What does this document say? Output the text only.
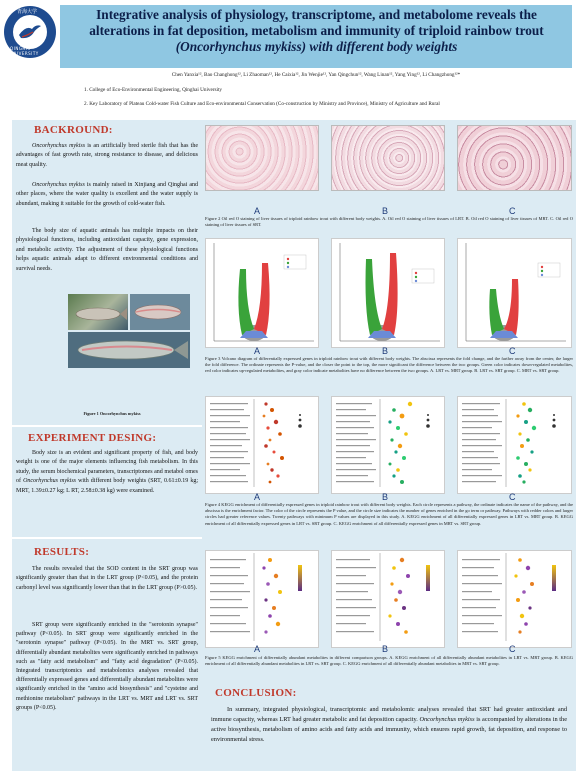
青海大学
QINGHAI UNIVERSITY
Integrative analysis of physiology, transcriptome, and metabolome reveals the
alterations in fat deposition, metabolism and immunity of triploid rainbow trout
(Oncorhynchus mykiss) with different body weights
Chen Yanxia¹², Bao Changhong¹², Li Zhaoman¹², He Caixia¹², Jin Wenjie¹², Yan Qingchun¹², Wang Linan¹², Yang Ying¹², Li Changzhong¹²*
1. College of Eco-Environmental Engineering, Qinghai University
2. Key Laboratory of Plateau Cold-water Fish Culture and Eco-environmental Conservation (Co-construction by Ministry and Province), Ministry of Agriculture and Rural
BACKROUND:
Oncorhynchus mykiss is an artificially bred sterile fish that has the advantages of fast growth rate, strong resistance to disease, and delicious meat quality.
Oncorhynchus mykiss is mainly raised in Xinjiang and Qinghai and other places, where the water quality is excellent and the water supply is abundant, making it suitable for the growth of cold-water fish.
The body size of aquatic animals has multiple impacts on their physiological functions, including antioxidant capacity, gene expression, and metabolic activity. The adjustment of these physiological functions helps aquatic animals adapt to different environmental conditions and survival needs.
Figure 1 Oncorhynchus mykiss
EXPERIMENT DESING:
Body size is an evident and significant property of fish, and body weight is one of the major elements influencing fish metabolism. In this study, the serum biochemical parameters, transcriptomes and metabol omes of Oncorhynchus mykiss with different body weights (SRT, 0.61±0.19 kg; MRT, 1.39±0.27 kg; L RT, 2.58±0.38 kg) were examined.
RESULTS:
The results revealed that the SOD content in the SRT group was significantly greater than that in the LRT group (P<0.05), and the protein carbonyl level was significantly lower than that in the LRT group (P>0.05).
SRT group were significantly enriched in the "serotonin synapse" pathway (P<0.05). In SRT group were significantly enriched in the "serotonin synapse" pathway (P<0.05). In the MRT vs. SRT group, differentially abundant metabolites were significantly enriched in pathways such as "fatty acid metabolism" and "fatty acid degradation" (P<0.05). Integrated transcriptomics and metabolomics analyses revealed that differentially expressed genes and differentially abundant metabolites were significantly enriched in the "amino acid biosynthesis" and "cysteine and methionine metabolism" pathways in the LRT vs. MRT and LRT vs. SRT groups (P<0.05).
A	B	C
Figure 2 Oil red O staining of liver tissues of triploid rainbow trout with different body weights. A. Oil red O staining of liver tissues of LRT. B. Oil red O staining of liver tissues of MRT. C. Oil red O staining of liver tissues of SRT.
A	B	C
Figure 3 Volcano diagram of differentially expressed genes in triploid rainbow trout with different body weights. The abscissa represents the fold change, and the farther away from the center, the larger the fold difference. The ordinate represents the P-value, and the closer the point to the top, the more significant the difference between the two groups. Green color indicates down-regulated metabolites, red color indicates up-regulated metabolites, and gray color indicate metabolites have no difference between the two groups. A. LRT vs. MRT group. B. LRT vs. SRT group. C. MRT vs. SRT group.
A	B	C
Figure 4 KEGG enrichment of differentially expressed genes in triploid rainbow trout with different body weights. Each circle represents a pathway, the ordinate indicates the name of the pathway, and the abscissa is the enrichment factor. The color of the circle represents the P value, and the circle size indicates the number of genes enriched in the go term or pathway. Pathways with redder colors and larger circles had greater reference values. Twenty pathways with minimum P values are displayed in this study. A. KEGG enrichment of all differentially expressed genes in LRT vs. MRT group. B. KEGG enrichment of all differentially expressed genes in LRT vs. SRT group. C. KEGG enrichment of all differentially expressed genes in MRT vs. SRT group.
A	B	C
Figure 5 KEGG enrichment of differentially abundant metabolites in different comparison groups. A. KEGG enrichment of all differentially abundant metabolites in LRT vs. MRT group. B. KEGG enrichment of all differentially abundant metabolites in LRT vs. SRT group. C. KEGG enrichment of all differentially abundant metabolites in MRT vs. SRT group.
CONCLUSION:
In summary, integrated physiological, transcriptomic and metabolomic analyses revealed that SRT had greater antioxidant and immune capacity, whereas LRT had greater metabolic and fat deposition capacity. Oncorhynchus mykiss is accompanied by alterations in the active biosynthesis, metabolism of amino acids and fatty acids and immunity, which ensures rapid growth, fat deposition, and response to environmental stress.
